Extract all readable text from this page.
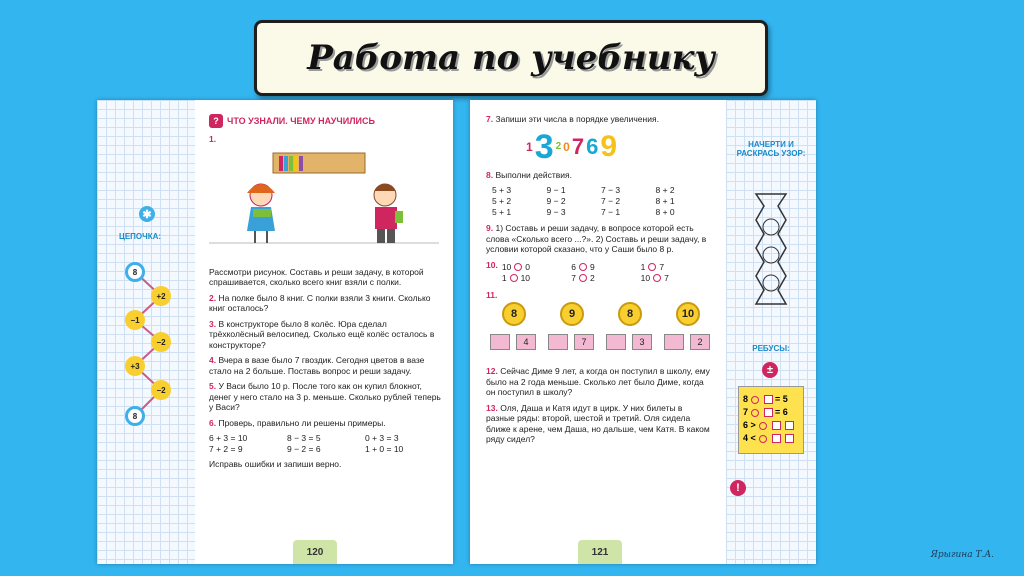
Работа по учебнику
✱
ЦЕПОЧКА:
8
+2
−1
−2
+3
−2
8
? ЧТО УЗНАЛИ. ЧЕМУ НАУЧИЛИСЬ
1.
Рассмотри рисунок. Составь и реши задачу, в которой спрашивается, сколько всего книг взяли с полки.
2. На полке было 8 книг. С полки взяли 3 книги. Сколько книг осталось?
3. В конструкторе было 8 колёс. Юра сделал трёхколёсный велосипед. Сколько ещё колёс осталось в конструкторе?
4. Вчера в вазе было 7 гвоздик. Сегодня цветов в вазе стало на 2 больше. Поставь вопрос и реши задачу.
5. У Васи было 10 р. После того как он купил блокнот, денег у него стало на 3 р. меньше. Сколько рублей теперь у Васи?
6. Проверь, правильно ли решены примеры.
6 + 3 = 10	8 − 3 = 5	0 + 3 = 3
7 + 2 = 9	9 − 2 = 6	1 + 0 = 10
Исправь ошибки и запиши верно.
120
7. Запиши эти числа в порядке увеличения.
1 3 2 0 7 6 9
8. Выполни действия.
5 + 3	9 − 1	7 − 3	8 + 2
5 + 2	9 − 2	7 − 2	8 + 1
5 + 1	9 − 3	7 − 1	8 + 0
9. 1) Составь и реши задачу, в вопросе которой есть слова «Сколько всего ...?». 2) Составь и реши задачу, в условии которой сказано, что у Саши было 8 р.
10. 10 0	6 9	1 7
1 10	7 2	10 7
11.
8
4
9
7
8
3
10
2
12. Сейчас Диме 9 лет, а когда он поступил в школу, ему было на 2 года меньше. Сколько лет было Диме, когда он поступил в школу?
13. Оля, Даша и Катя идут в цирк. У них билеты в разные ряды: второй, шестой и третий. Оля сидела ближе к арене, чем Даша, но дальше, чем Катя. В каком ряду сидел?
НАЧЕРТИ И РАСКРАСЬ УЗОР:
РЕБУСЫ:
±
8	= 5
7	= 6
6 >
4 <
!
121	Ярыгина Т.А.
